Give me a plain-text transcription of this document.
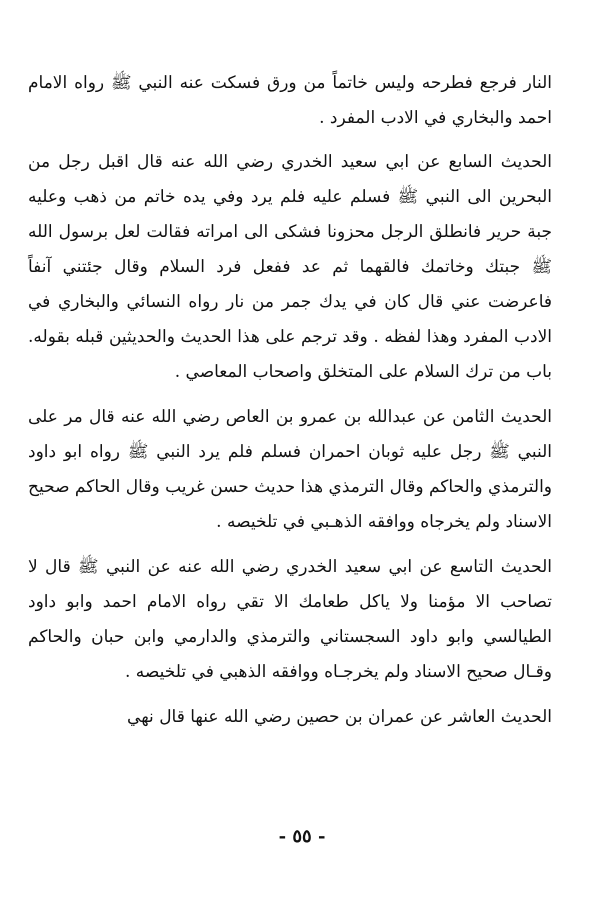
النار فرجع فطرحه وليس خاتماً من ورق فسكت عنه النبي ﷺ رواه الامام احمد والبخاري في الادب المفرد .

الحديث السابع عن ابي سعيد الخدري رضي الله عنه قال اقبل رجل من البحرين الى النبي ﷺ فسلم عليه فلم يرد وفي يده خاتم من ذهب وعليه جبة حرير فانطلق الرجل محزونا فشكى الى امراته فقالت لعل برسول الله ﷺ جبتك وخاتمك فالقهما ثم عد ففعل فرد السلام وقال جئتني آنفاً فاعرضت عني قال كان في يدك جمر من نار رواه النسائي والبخاري في الادب المفرد وهذا لفظه . وقد ترجم على هذا الحديث والحديثين قبله بقوله. باب من ترك السلام على المتخلق واصحاب المعاصي .

الحديث الثامن عن عبدالله بن عمرو بن العاص رضي الله عنه قال مر على النبي ﷺ رجل عليه ثوبان احمران فسلم فلم يرد النبي ﷺ رواه ابو داود والترمذي والحاكم وقال الترمذي هذا حديث حسن غريب وقال الحاكم صحيح الاسناد ولم يخرجاه ووافقه الذهـبي في تلخيصه .

الحديث التاسع عن ابي سعيد الخدري رضي الله عنه عن النبي ﷺ قال لا تصاحب الا مؤمنا ولا ياكل طعامك الا تقي رواه الامام احمد وابو داود الطيالسي وابو داود السجستاني والترمذي والدارمي وابن حبان والحاكم وقـال صحيح الاسناد ولم يخرجـاه ووافقه الذهبي في تلخيصه .

الحديث العاشر عن عمران بن حصين رضي الله عنها قال نهي

- ٥٥ -
